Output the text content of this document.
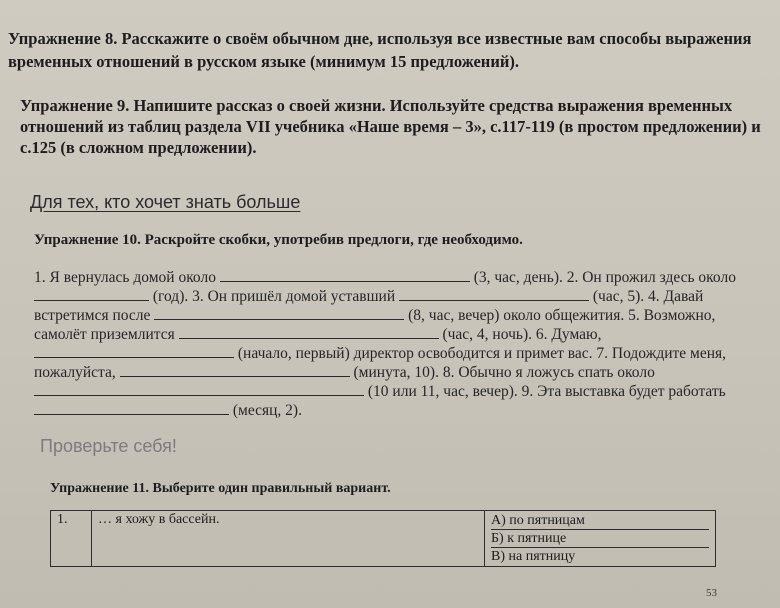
Упражнение 8. Расскажите о своём обычном дне, используя все известные вам способы выражения временных отношений в русском языке (минимум 15 предложений).
Упражнение 9. Напишите рассказ о своей жизни. Используйте средства выражения временных отношений из таблиц раздела VII учебника «Наше время – 3», с.117-119 (в простом предложении) и с.125 (в сложном предложении).
Для тех, кто хочет знать больше
Упражнение 10. Раскройте скобки, употребив предлоги, где необходимо.
1. Я вернулась домой около	(3, час, день). 2. Он прожил здесь около  (год). 3. Он пришёл домой уставший	(час, 5). 4. Давай встретимся после	(8, час, вечер) около общежития. 5. Возможно, самолёт приземлится	(час, 4, ночь). 6. Думаю,  (начало, первый) директор освободится и примет вас. 7. Подождите меня, пожалуйста,	(минута, 10). 8. Обычно я ложусь спать около  (10 или 11, час, вечер). 9. Эта выставка будет работать  (месяц, 2).
Проверьте себя!
Упражнение 11. Выберите один правильный вариант.
1.	… я хожу в бассейн.	А) по пятницам
Б) к пятнице
В) на пятницу
53
